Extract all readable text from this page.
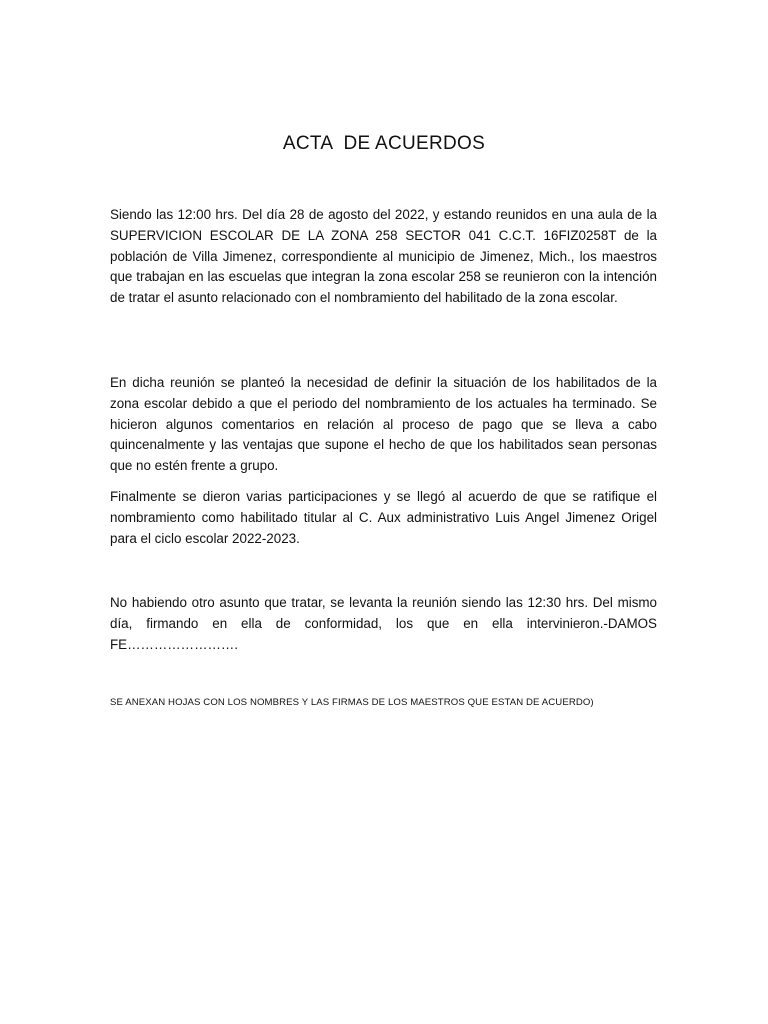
ACTA  DE ACUERDOS

Siendo las 12:00 hrs. Del día 28 de agosto del 2022, y estando reunidos en una aula de la SUPERVICION ESCOLAR DE LA ZONA 258 SECTOR 041 C.C.T. 16FIZ0258T de la población de Villa Jimenez, correspondiente al municipio de Jimenez, Mich., los maestros que trabajan en las escuelas que integran la zona escolar 258 se reunieron con la intención de tratar el asunto relacionado con el nombramiento del habilitado de la zona escolar.

En dicha reunión se planteó la necesidad de definir la situación de los habilitados de la zona escolar debido a que el periodo del nombramiento de los actuales ha terminado. Se hicieron algunos comentarios en relación al proceso de pago que se lleva a cabo quincenalmente y las ventajas que supone el hecho de que los habilitados sean personas que no estén frente a grupo.

Finalmente se dieron varias participaciones y se llegó al acuerdo de que se ratifique el nombramiento como habilitado titular al C. Aux administrativo Luis Angel Jimenez Origel para el ciclo escolar 2022-2023.

No habiendo otro asunto que tratar, se levanta la reunión siendo las 12:30 hrs. Del mismo día, firmando en ella de conformidad, los que en ella intervinieron.-DAMOS FE…………………….

SE ANEXAN HOJAS CON LOS NOMBRES Y LAS FIRMAS DE LOS MAESTROS QUE ESTAN DE ACUERDO)
